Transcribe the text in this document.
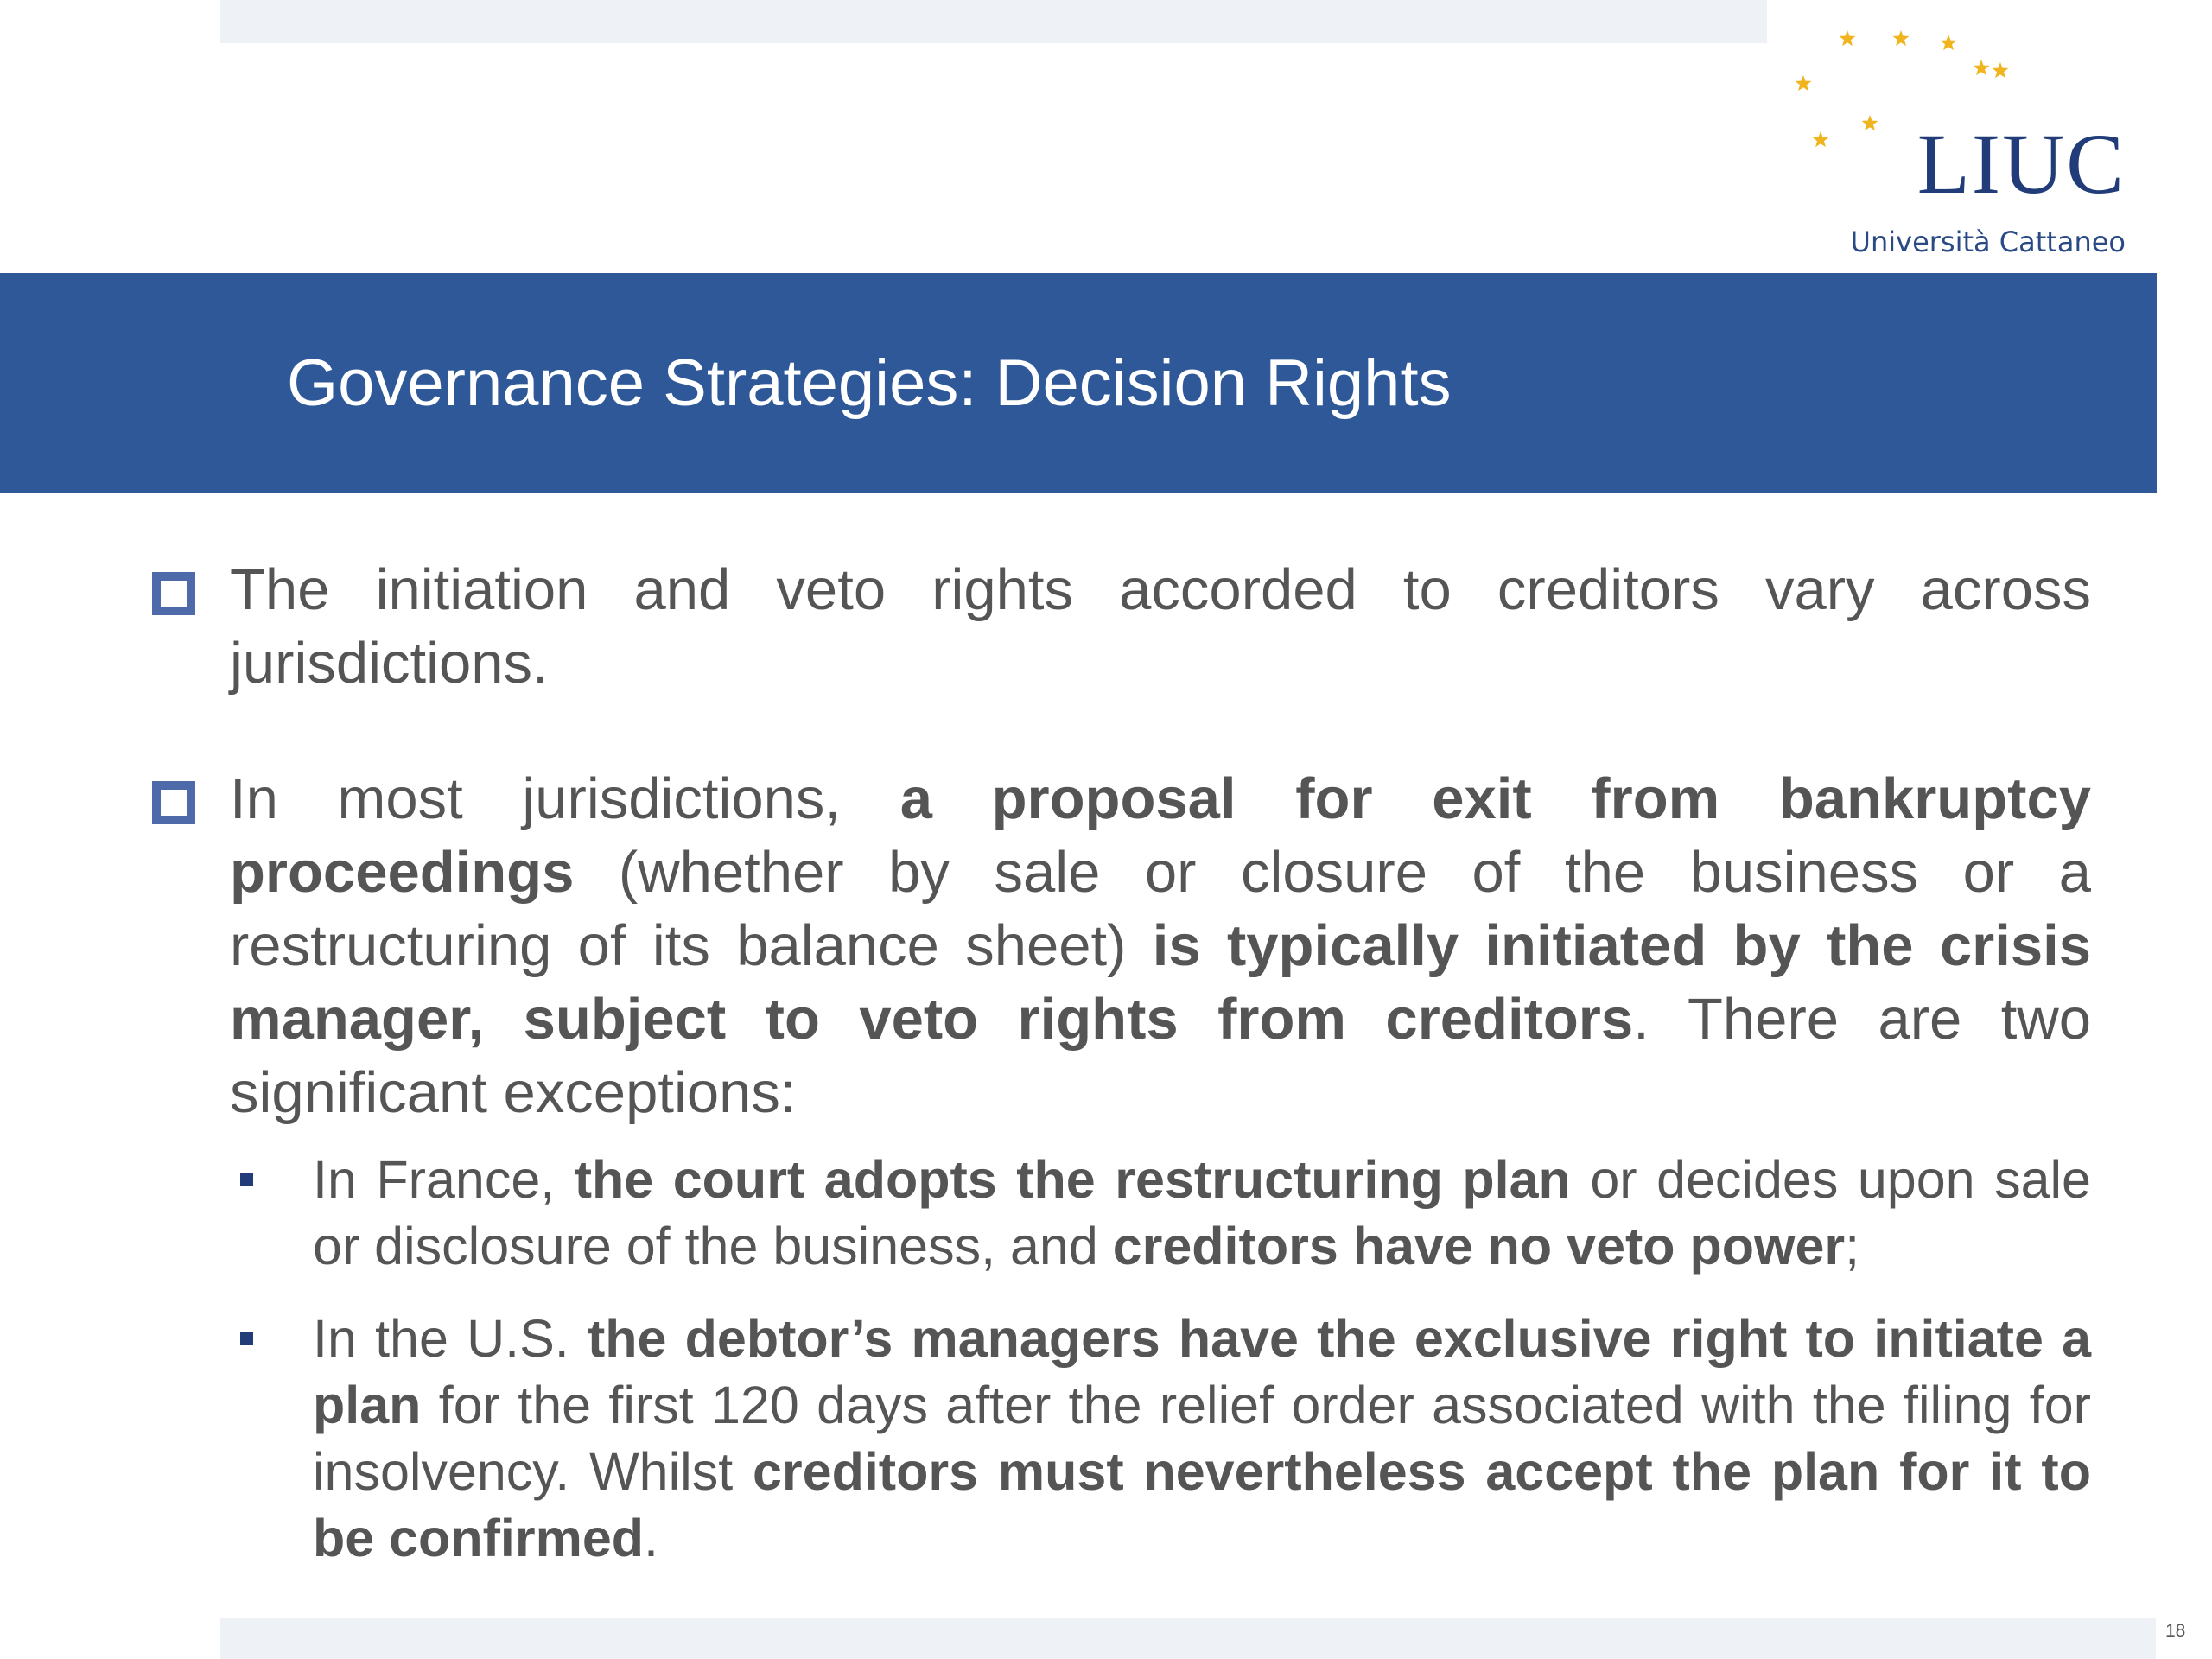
LIUC

Università Cattaneo

Governance Strategies: Decision Rights
The initiation and veto rights accorded to creditors vary across jurisdictions.
In most jurisdictions, a proposal for exit from bankruptcy proceedings (whether by sale or closure of the business or a restructuring of its balance sheet) is typically initiated by the crisis manager, subject to veto rights from creditors. There are two significant exceptions:
In France, the court adopts the restructuring plan or decides upon sale or disclosure of the business, and creditors have no veto power;
In the U.S. the debtor’s managers have the exclusive right to initiate a plan for the first 120 days after the relief order associated with the filing for insolvency. Whilst creditors must nevertheless accept the plan for it to be confirmed.

18
